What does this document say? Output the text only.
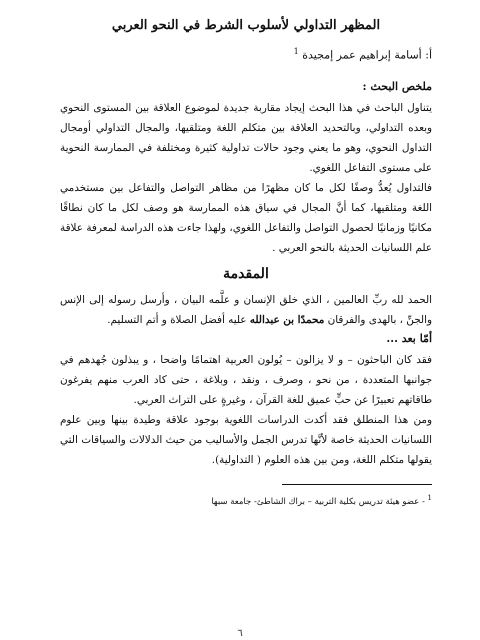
المظهر التداولي لأسلوب الشرط في النحو العربي
أ: أسامة إبراهيم عمر إمجيدة $^1$
ملخص البحث :

يتناول الباحث في هذا البحث إيجاد مقاربة جديدة لموضوع العلاقة بين المستوى النحوي وبعده التداولي، وبالتحديد العلاقة بين متكلم اللغة ومتلقيها، والمجال التداولي أومجال التداول النحوي، وهو ما يعني وجود حالات تداولية كثيرة ومختلفة في الممارسة النحوية على مستوى التفاعل اللغوي.

فالتداول يُعدُّ وصفًا لكل ما كان مظهرًا من مظاهر التواصل والتفاعل بين مستخدمي اللغة ومتلقيها، كما أنَّ المجال في سياق هذه الممارسة هو وصف لكل ما كان نطاقًا مكانيًا وزمانيًا لحصول التواصل والتفاعل اللغوي، ولهذا جاءت هذه الدراسة لمعرفة علاقة علم اللسانيات الحديثة بالنحو العربي .

المقدمة

الحمد لله ربِّ العالمين ، الذي خلق الإنسان و علَّمه البيان ، وأرسل رسوله إلى الإنس والجنِّ ، بالهدى والفرقان محمدًا بن عبدالله عليه أفضل الصلاة و أتم التسليم.

أمّا بعد ...

فقد كان الباحثون – و لا يزالون – يُولون العربية اهتمامًا واضحا ، و يبذلون جُهدهم في جوانبها المتعددة ، من نحو ، وصرف ، ونقد ، وبلاغة ، حتى كاد العرب منهم يفرغون طاقاتهم تعبيرًا عن حبٍّ عميق للغة القرآن ، وغيرةٍ على التراث العربي.

ومن هذا المنطلق فقد أكدت الدراسات اللغوية بوجود علاقة وطيدة بينها وبين علوم اللسانيات الحديثة خاصة لأنَّها تدرس الجمل والأساليب من حيث الدلالات والسياقات التي يقولها متكلم اللغة، ومن بين هذه العلوم ( التداولية).

$^1$ - عضو هيئة تدريس بكلية التربية – براك الشاطئ- جامعة سبها
٦
